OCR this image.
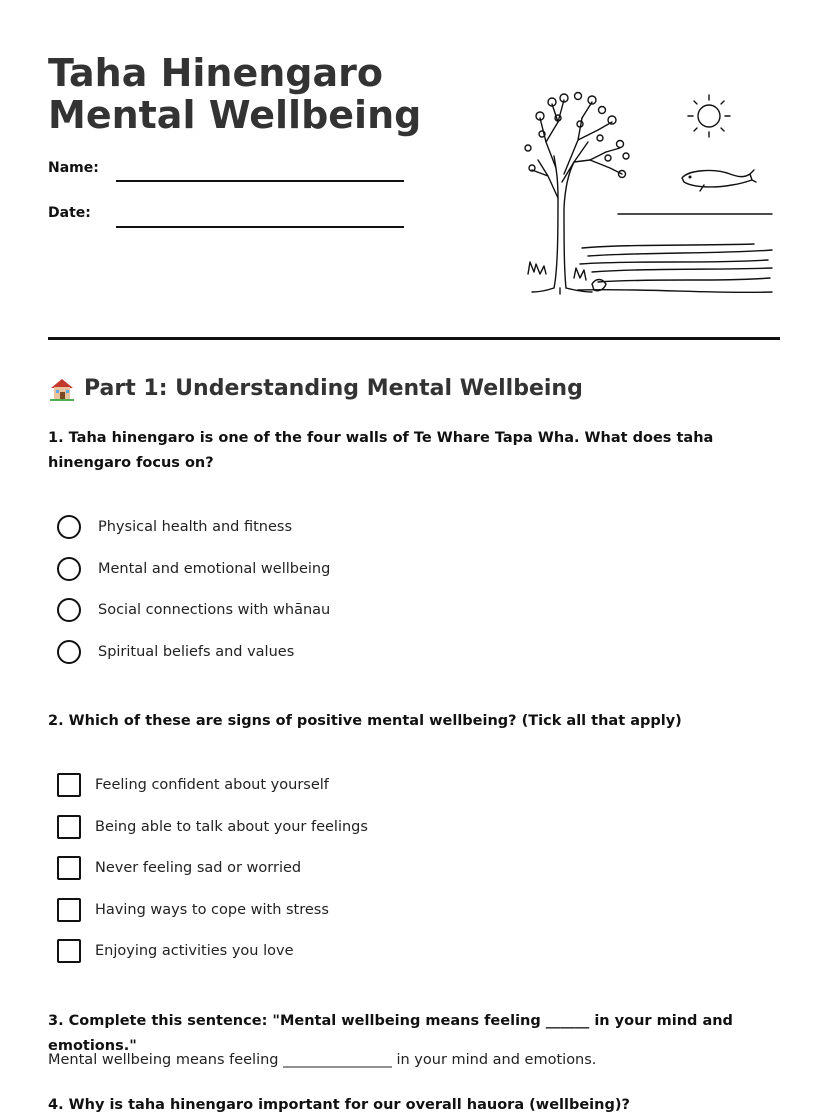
Taha Hinengaro Mental Wellbeing
Name:
Date:
Part 1: Understanding Mental Wellbeing

1. Taha hinengaro is one of the four walls of Te Whare Tapa Wha. What does taha hinengaro focus on?

Physical health and fitness
Mental and emotional wellbeing
Social connections with whānau
Spiritual beliefs and values

2. Which of these are signs of positive mental wellbeing? (Tick all that apply)

Feeling confident about yourself
Being able to talk about your feelings
Never feeling sad or worried
Having ways to cope with stress
Enjoying activities you love

3. Complete this sentence: "Mental wellbeing means feeling ______ in your mind and emotions."

Mental wellbeing means feeling _______________ in your mind and emotions.

4. Why is taha hinengaro important for our overall hauora (wellbeing)?
